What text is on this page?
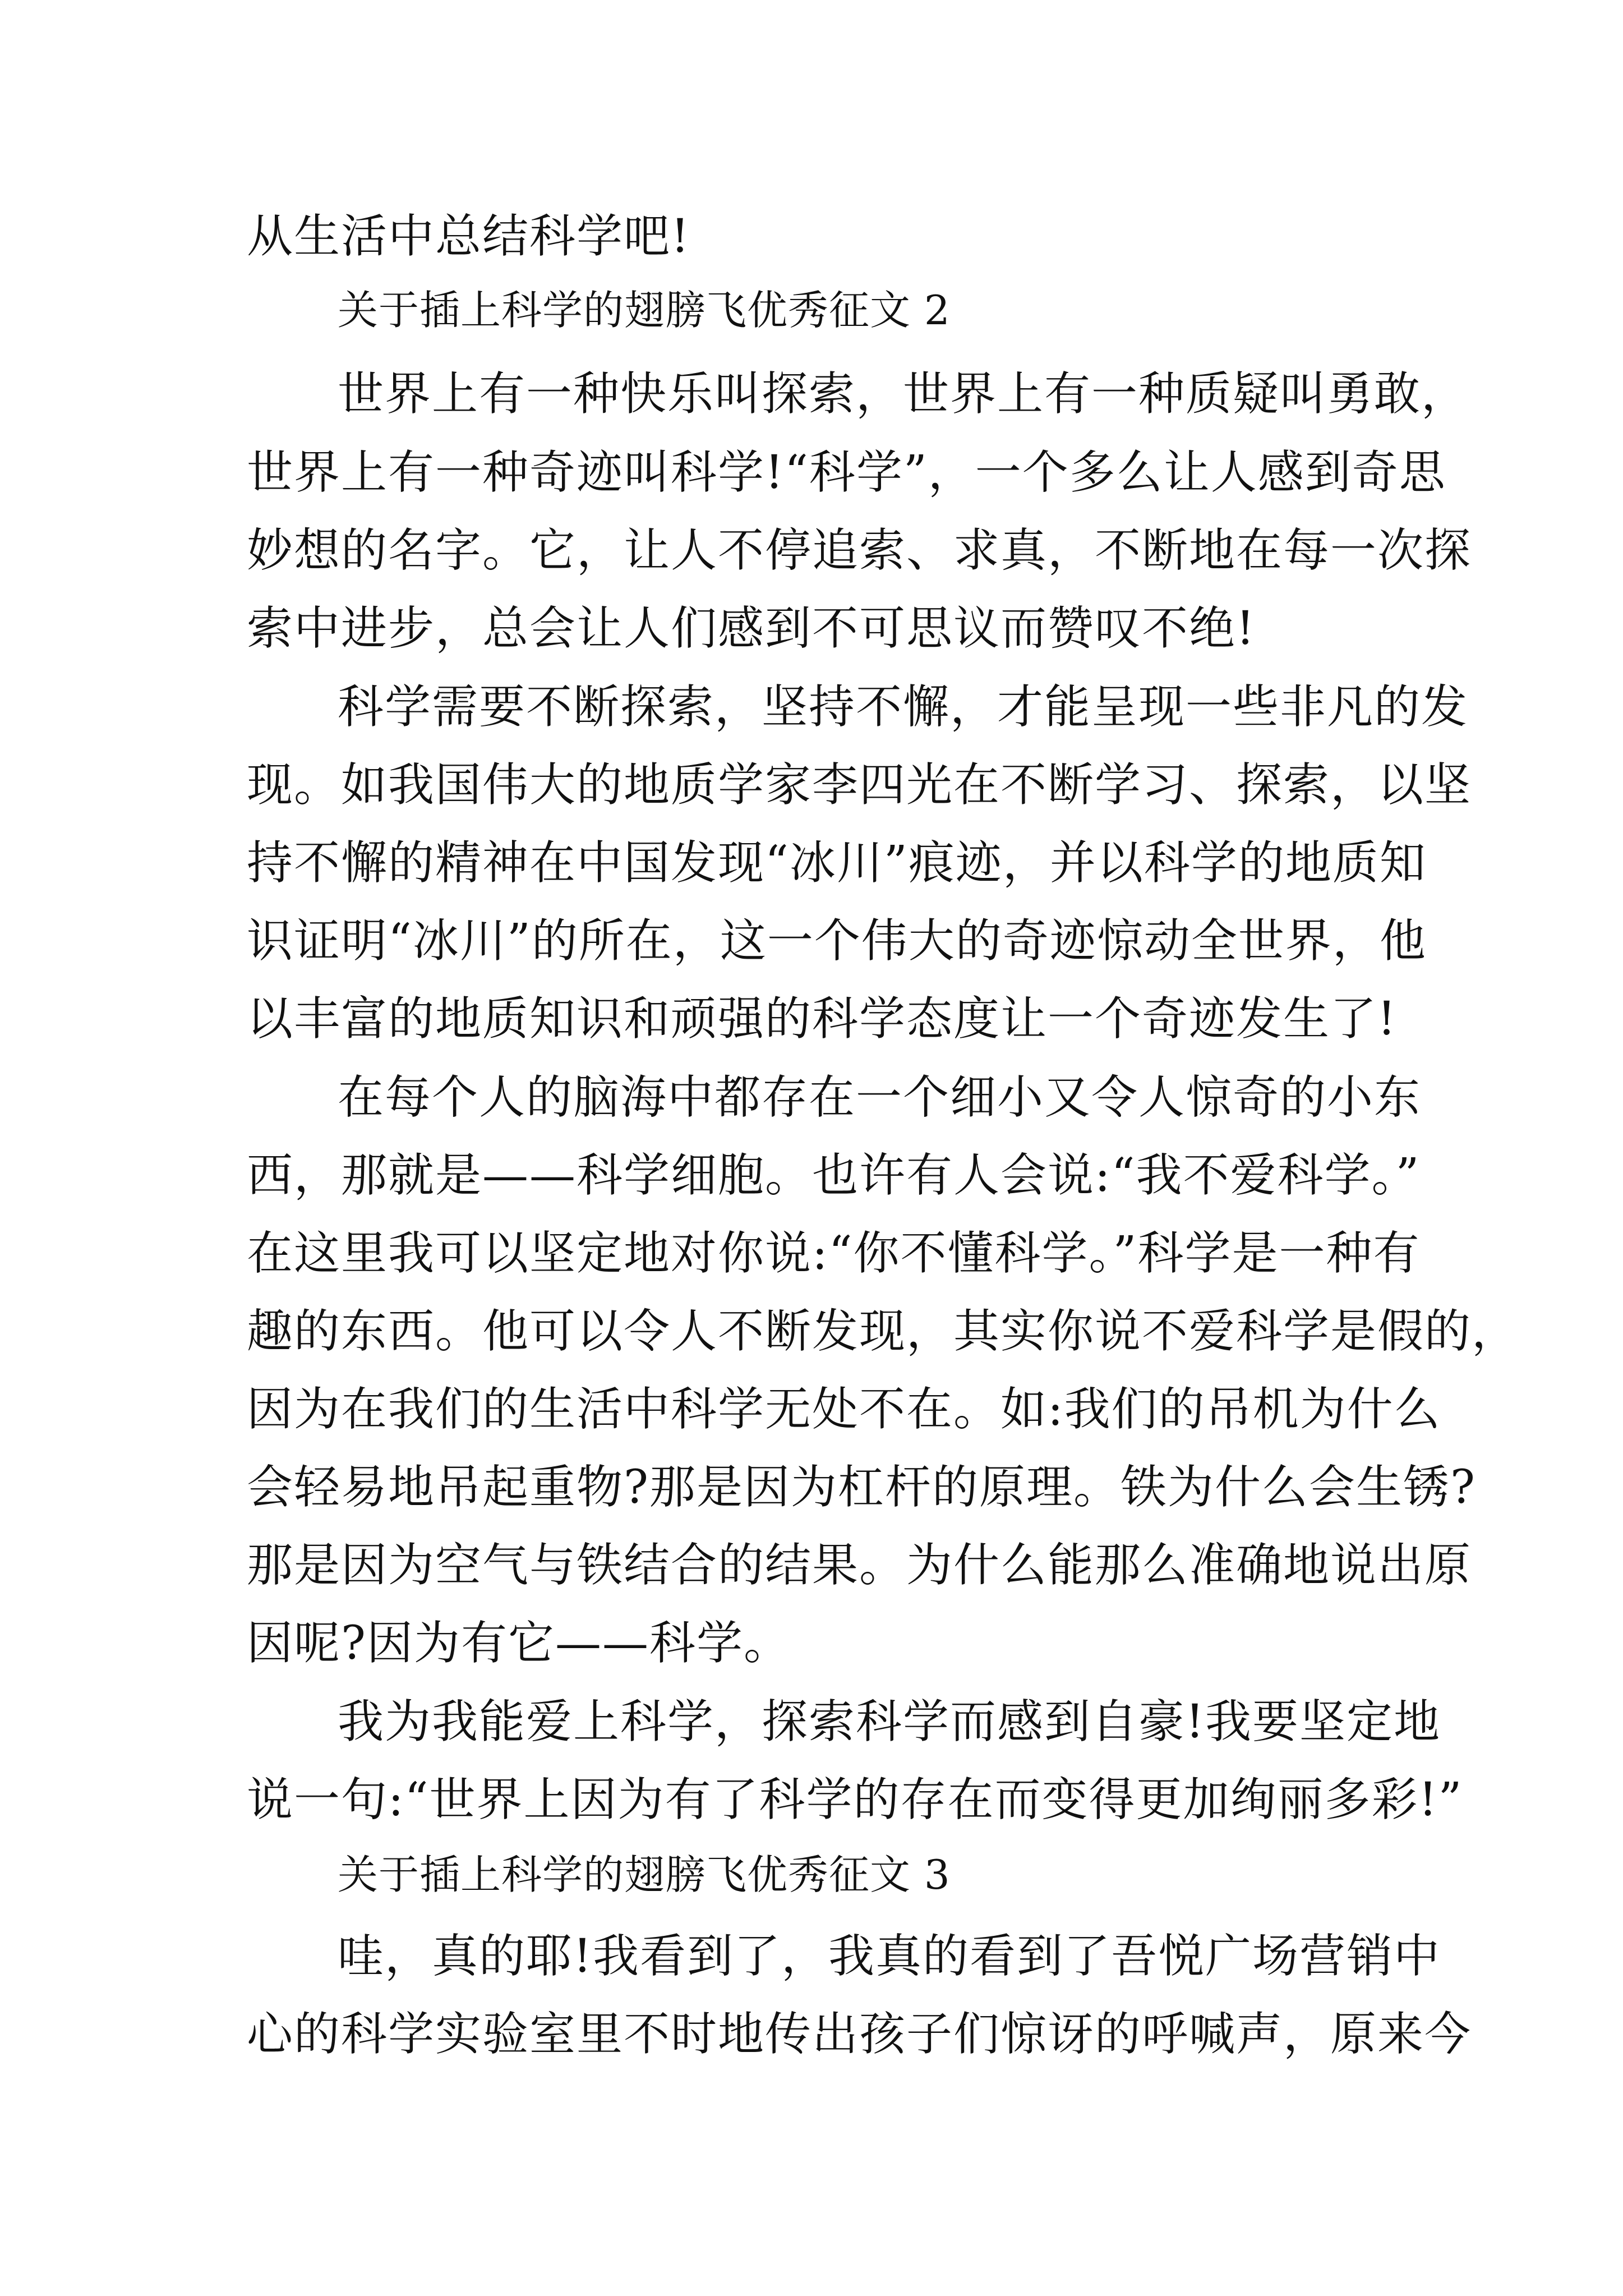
从生活中总结科学吧!
关于插上科学的翅膀飞优秀征文 2
世界上有一种快乐叫探索，世界上有一种质疑叫勇敢，
世界上有一种奇迹叫科学!“科学”，一个多么让人感到奇思
妙想的名字。它，让人不停追索、求真，不断地在每一次探
索中进步，总会让人们感到不可思议而赞叹不绝!
科学需要不断探索，坚持不懈，才能呈现一些非凡的发
现。如我国伟大的地质学家李四光在不断学习、探索，以坚
持不懈的精神在中国发现“冰川”痕迹，并以科学的地质知
识证明“冰川”的所在，这一个伟大的奇迹惊动全世界，他
以丰富的地质知识和顽强的科学态度让一个奇迹发生了!
在每个人的脑海中都存在一个细小又令人惊奇的小东
西，那就是——科学细胞。也许有人会说:“我不爱科学。”
在这里我可以坚定地对你说:“你不懂科学。”科学是一种有
趣的东西。他可以令人不断发现，其实你说不爱科学是假的，
因为在我们的生活中科学无处不在。如:我们的吊机为什么
会轻易地吊起重物?那是因为杠杆的原理。铁为什么会生锈?
那是因为空气与铁结合的结果。为什么能那么准确地说出原
因呢?因为有它——科学。
我为我能爱上科学，探索科学而感到自豪!我要坚定地
说一句:“世界上因为有了科学的存在而变得更加绚丽多彩!”
关于插上科学的翅膀飞优秀征文 3
哇，真的耶!我看到了，我真的看到了吾悦广场营销中
心的科学实验室里不时地传出孩子们惊讶的呼喊声，原来今
